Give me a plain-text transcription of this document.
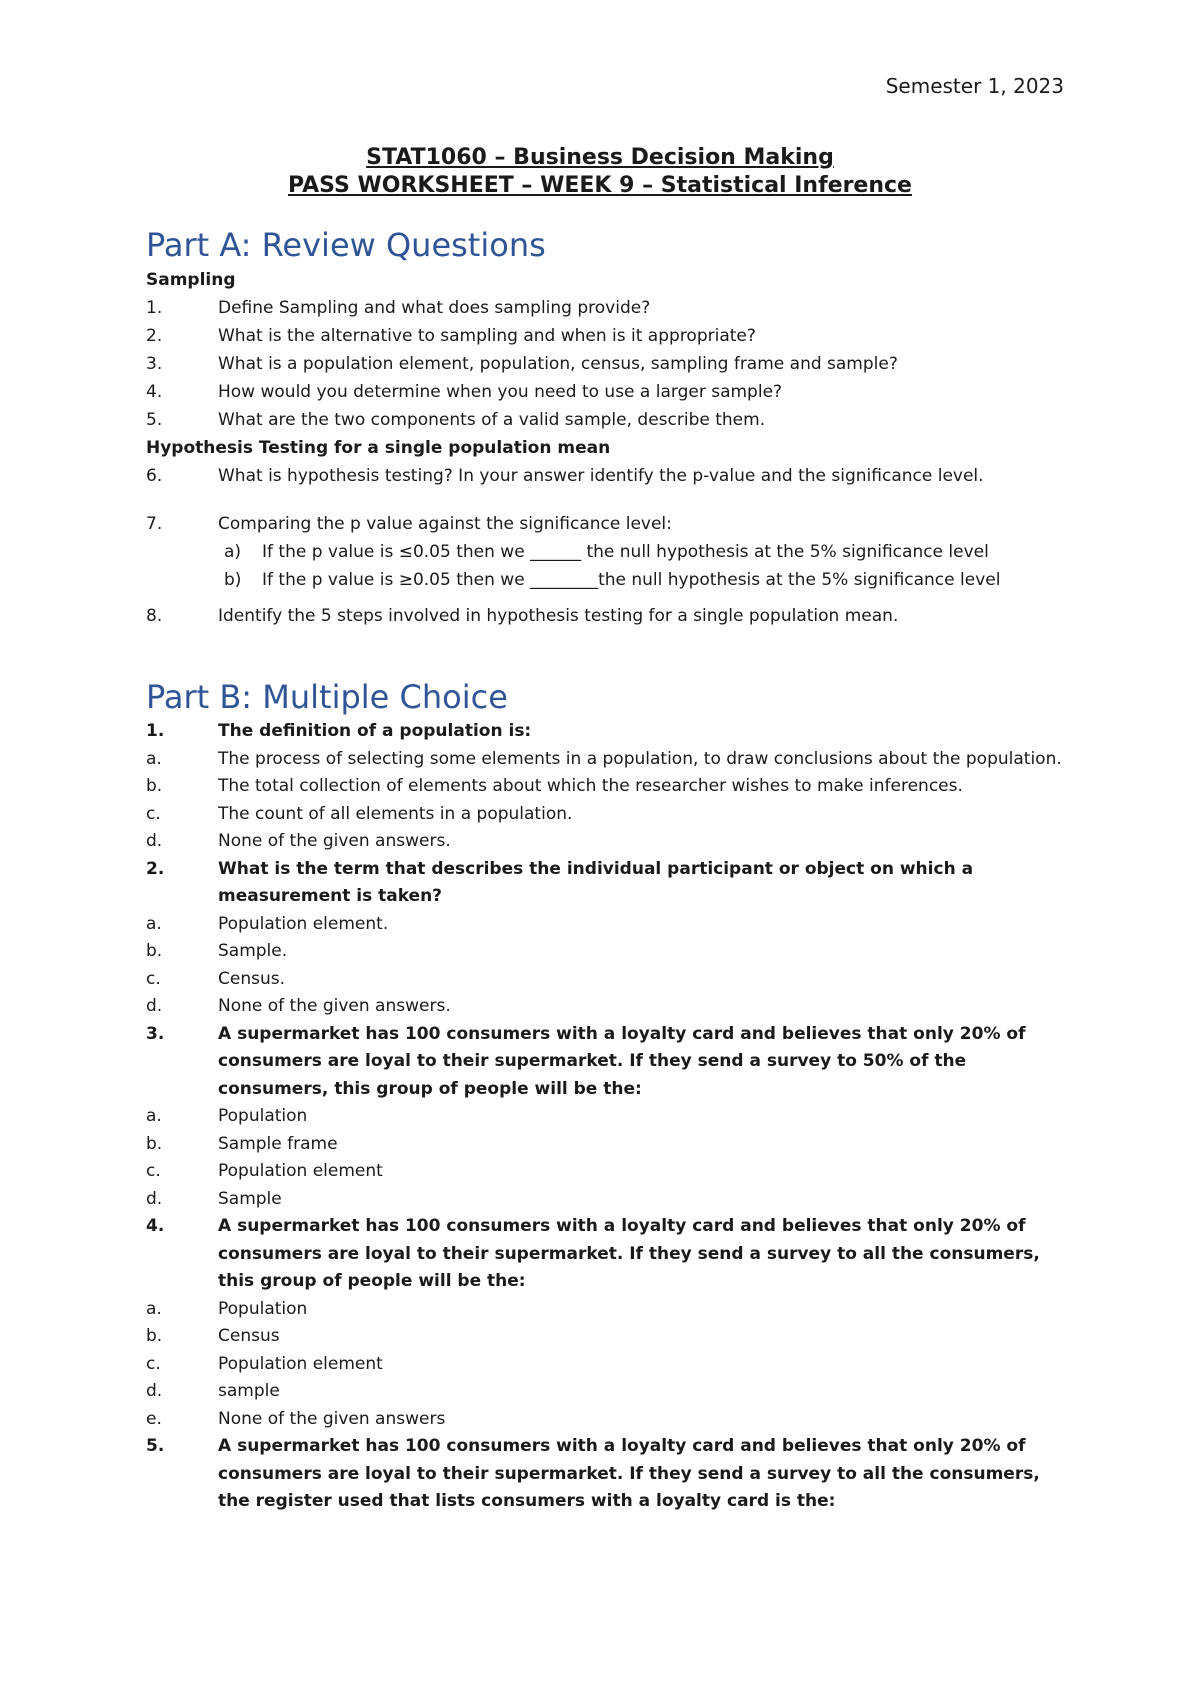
Semester 1, 2023

STAT1060 – Business Decision Making
PASS WORKSHEET – WEEK 9 – Statistical Inference
Part A: Review Questions
Sampling
1.	Define Sampling and what does sampling provide?
2.	What is the alternative to sampling and when is it appropriate?
3.	What is a population element, population, census, sampling frame and sample?
4.	How would you determine when you need to use a larger sample?
5.	What are the two components of a valid sample, describe them.
Hypothesis Testing for a single population mean
6.	What is hypothesis testing? In your answer identify the p-value and the significance level.
7.	Comparing the p value against the significance level:
a)	If the p value is ≤0.05 then we ______ the null hypothesis at the 5% significance level
b)	If the p value is ≥0.05 then we ________the null hypothesis at the 5% significance level
8.	Identify the 5 steps involved in hypothesis testing for a single population mean.
Part B: Multiple Choice
1.	The definition of a population is:
a.	The process of selecting some elements in a population, to draw conclusions about the population.
b.	The total collection of elements about which the researcher wishes to make inferences.
c.	The count of all elements in a population.
d.	None of the given answers.
2.	What is the term that describes the individual participant or object on which a measurement is taken?
a.	Population element.
b.	Sample.
c.	Census.
d.	None of the given answers.
3.	A supermarket has 100 consumers with a loyalty card and believes that only 20% of consumers are loyal to their supermarket. If they send a survey to 50% of the consumers, this group of people will be the:
a.	Population
b.	Sample frame
c.	Population element
d.	Sample
4.	A supermarket has 100 consumers with a loyalty card and believes that only 20% of consumers are loyal to their supermarket. If they send a survey to all the consumers, this group of people will be the:
a.	Population
b.	Census
c.	Population element
d.	sample
e.	None of the given answers
5.	A supermarket has 100 consumers with a loyalty card and believes that only 20% of consumers are loyal to their supermarket. If they send a survey to all the consumers, the register used that lists consumers with a loyalty card is the:
